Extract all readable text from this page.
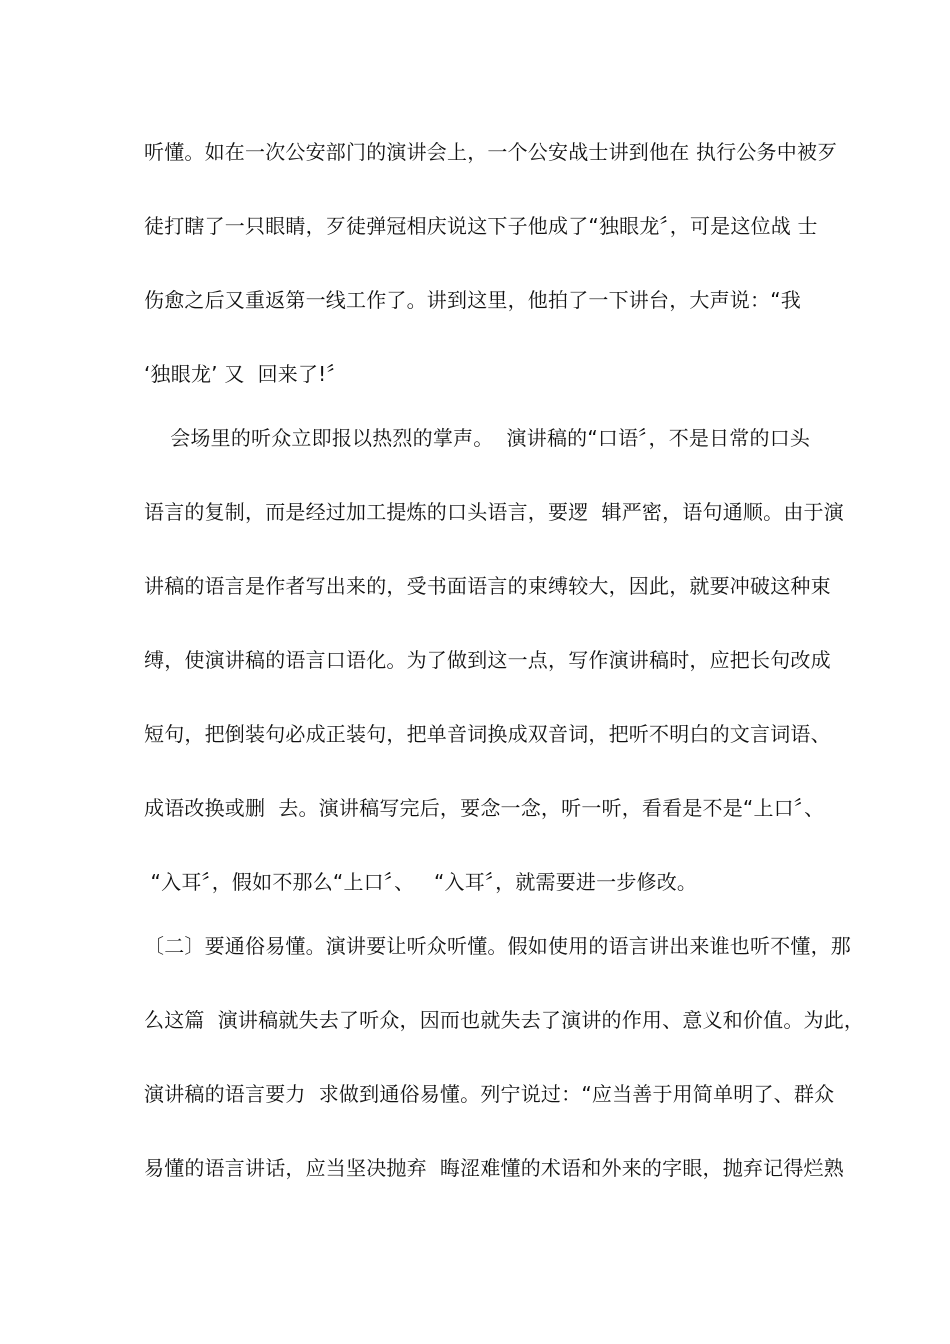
听懂。如在一次公安部门的演讲会上，一个公安战士讲到他在 执行公务中被歹
徒打瞎了一只眼睛，歹徒弹冠相庆说这下子他成了“独眼龙〞，可是这位战 士
伤愈之后又重返第一线工作了。讲到这里，他拍了一下讲台，大声说：“我
‘独眼龙’ 又  回来了!〞
会场里的听众立即报以热烈的掌声。  演讲稿的“口语〞，不是日常的口头
语言的复制，而是经过加工提炼的口头语言，要逻  辑严密，语句通顺。由于演
讲稿的语言是作者写出来的，受书面语言的束缚较大，因此，就要冲破这种束
缚，使演讲稿的语言口语化。为了做到这一点，写作演讲稿时，应把长句改成
短句，把倒装句必成正装句，把单音词换成双音词，把听不明白的文言词语、
成语改换或删  去。演讲稿写完后，要念一念，听一听，看看是不是“上口〞、
“入耳〞，假如不那么“上口〞、   “入耳〞，就需要进一步修改。
〔二〕要通俗易懂。演讲要让听众听懂。假如使用的语言讲出来谁也听不懂，那
么这篇  演讲稿就失去了听众，因而也就失去了演讲的作用、意义和价值。为此，
演讲稿的语言要力  求做到通俗易懂。列宁说过：“应当善于用简单明了、群众
易懂的语言讲话，应当坚决抛弃  晦涩难懂的术语和外来的字眼，抛弃记得烂熟
